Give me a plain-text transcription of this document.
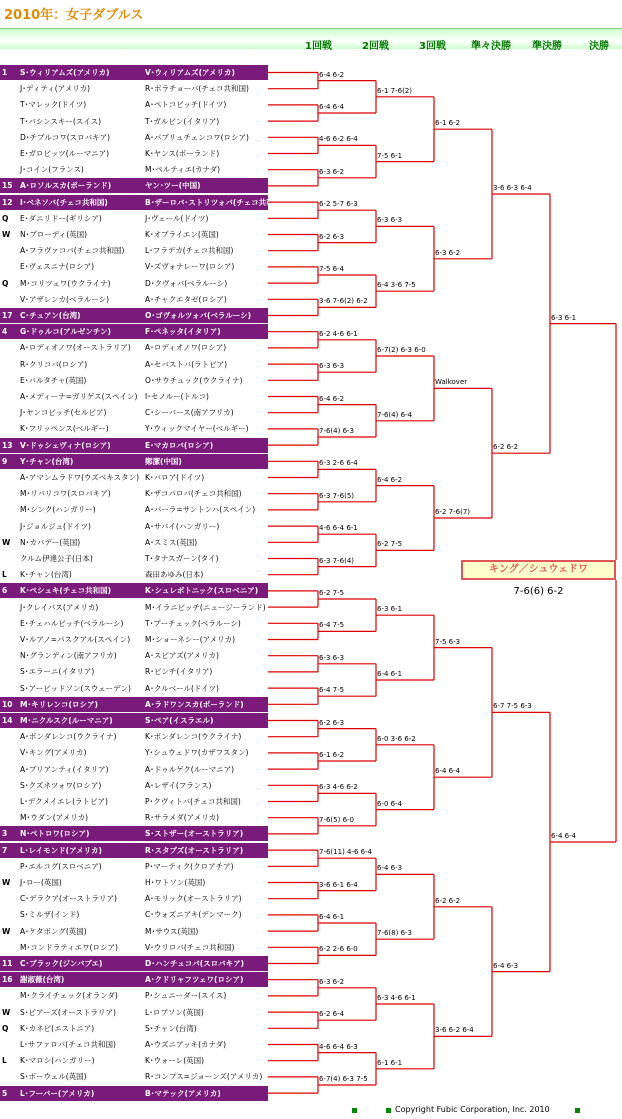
2010年：女子ダブルス
1回戦	2回戦	3回戦	準々決勝 準決勝	決勝
1 S･ウィリアムズ(アメリカ)	V･ウィリアムズ(アメリカ)
J･ディティ(アメリカ)	R･ボラチョーバ(チェコ共和国)
T･マレック(ドイツ)	A･ペトコビッチ(ドイツ)
T･バシンスキー(スイス)	T･ガルビン(イタリア)
D･チブルコワ(スロバキア)	A･パブリュチェンコワ(ロシア)
E･ガロビッツ(ルーマニア)	K･ヤンス(ポーランド)
J･コイン(フランス)	M･ペルティエ(カナダ)
15 A･ロソルスカ(ポーランド)	ヤン･ツー(中国)
12 I･ベネソバ(チェコ共和国)	B･ザーロバ･ストリツォバ(チェコ共和国)
Q E･ダニリドー(ギリシア)	J･ヴェール(ドイツ)
W N･ブローディ(英国)	K･オブライエン(英国)
A･フラヴァコバ(チェコ共和国)	L･フラデカ(チェコ共和国)
E･ヴェスニナ(ロシア)	V･ズヴォナレーワ(ロシア)
Q M･コリツェワ(ウクライナ)	D･クヴォバ(ベラルーシ)
V･アザレンカ(ベラルーシ)	A･チャクエタゼ(ロシア)
17 C･チュアン(台湾)	O･ゴヴォルツォバ(ベラルーシ)
4 G･ドゥルコ(アルゼンチン)	F･ペネッタ(イタリア)
A･ロディオノワ(オーストラリア)	A･ロディオノワ(ロシア)
R･クリコバ(ロシア)	A･セバストバ(ラトビア)
E･バルタチャ(英国)	O･サウチュック(ウクライナ)
A･メディーナ=ガリゲス(スペイン)	I･セノルー(トルコ)
J･ヤンコビッチ(セルビア)	C･シーバース(南アフリカ)
K･フリッペンス(ベルギー)	Y･ウィックマイヤー(ベルギー)
13 V･ドゥシェヴィナ(ロシア)	E･マカロバ(ロシア)
9 Y･チャン(台湾)	鄭潔(中国)
A･アマンムラドワ(ウズベキスタン) K･バロア(ドイツ)
M･リバリコワ(スロバキア)	K･ザコパロバ(チェコ共和国)
M･シンク(ハンガリー)	A･パーラ=サントンハ(スペイン)
J･ジョルジュ(ドイツ)	A･サバイ(ハンガリー)
W N･カバデー(英国)	A･スミス(英国)
クルム伊達公子(日本)	T･タナスガーン(タイ)
L K･チャン(台湾)	森田あゆみ(日本)
6 K･ペシュキ(チェコ共和国)	K･シュレボトニック(スロベニア)
J･クレイバス(アメリカ)	M･イラニビッチ(ニュージーランド)
E･チェハルビッチ(ベラルーシ)	T･プーチェック(ベラルーシ)
V･ルアノ=パスクアル(スペイン)	M･ショーネシー(アメリカ)
N･グランディン(南アフリカ)	A･スピアズ(アメリカ)
S･エラーニ(イタリア)	R･ビンチ(イタリア)
S･アービッドソン(スウェーデン)	A･クルベール(ドイツ)
10 M･キリレンコ(ロシア)	A･ラドワンスカ(ポーランド)
14 M･ニクルスク(ルーマニア)	S･ペア(イスラエル)
A･ボンダレンコ(ウクライナ)	K･ボンダレンコ(ウクライナ)
V･キング(アメリカ)	Y･シュウェドワ(カザフスタン)
A･ブリアンティ(イタリア)	A･ドゥルゲク(ルーマニア)
S･クズネツォワ(ロシア)	A･レザイ(フランス)
L･デクメイエレ(ラトビア)	P･クヴィトバ(チェコ共和国)
M･ウダン(アメリカ)	R･サラメダ(アメリカ)
3 N･ペトロワ(ロシア)	S･ストザー(オーストラリア)
7 L･レイモンド(アメリカ)	R･スタブズ(オーストラリア)
P･エルコグ(スロベニア)	P･マーティク(クロアチア)
W J･ロー(英国)	H･ワトソン(英国)
C･デラクア(オーストラリア)	A･モリック(オーストラリア)
S･ミルザ(インド)	C･ウォズニアキ(デンマーク)
W A･ケタボング(英国)	M･サウス(英国)
M･コンドラティエワ(ロシア)	V･ウリロバ(チェコ共和国)
11 C･ブラック(ジンバブエ)	D･ハンチュコバ(スロバキア)
16 謝淑薇(台湾)	A･クドリャフツェワ(ロシア)
M･クライチェック(オランダ)	P･シュニーダー(スイス)
W S･ピアーズ(オーストラリア)	L･ロブソン(英国)
Q K･カネピ(エストニア)	S･チャン(台湾)
L･サファロバ(チェコ共和国)	A･ウズニアッキ(カナダ)
L K･マロシ(ハンガリー)	K･ウォーレ(英国)
S･ボーウェル(英国)	R･コンプス=ジョーンズ(アメリカ)
5 L･フーバー(アメリカ)	B･マテック(アメリカ)
6-4 6-2
6-4 6-4
4-6 6-2 6-4
6-3 6-2
6-2 5-7 6-3
6-2 6-3
7-5 6-4
3-6 7-6(2) 6-2
6-2 4-6 6-1
6-3 6-3
6-4 6-2
7-6(4) 6-3
6-3 2-6 6-4
6-3 7-6(5)
4-6 6-4 6-1
6-3 7-6(4)
6-2 7-5
6-4 7-5
6-3 6-3
6-4 7-5
6-2 6-3
6-1 6-2
6-3 4-6 6-2
7-6(5) 6-0
7-6(11) 4-6 6-4
3-6 6-1 6-4
6-4 6-1
6-2 2-6 6-0
6-3 6-2
6-2 6-4
4-6 6-4 6-3
6-7(4) 6-3 7-5
6-1 7-6(2)
7-5 6-1
6-3 6-3
6-4 3-6 7-5
6-7(2) 6-3 6-0
7-6(4) 6-4
6-4 6-2
6-2 7-5
6-3 6-1
6-4 6-1
6-0 3-6 6-2
6-0 6-4
6-4 6-3
7-6(8) 6-3
6-3 4-6 6-1
6-1 6-1
6-1 6-2
6-3 6-2
Walkover
6-2 7-6(7)
7-5 6-3
6-4 6-4
6-2 6-2
3-6 6-2 6-4
3-6 6-3 6-4
6-2 6-2
6-7 7-5 6-3
6-4 6-3
6-3 6-1
6-4 6-4
キング／シュウェドワ
7-6(6) 6-2
Copyright Fubic Corporation, Inc. 2010
